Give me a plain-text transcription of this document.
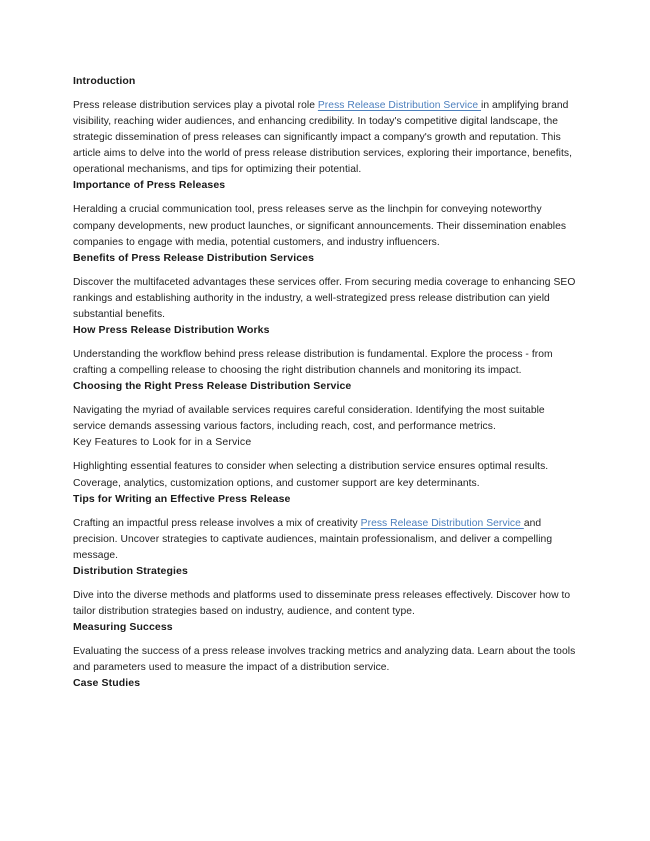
Introduction

Press release distribution services play a pivotal role Press Release Distribution Service in amplifying brand visibility, reaching wider audiences, and enhancing credibility. In today's competitive digital landscape, the strategic dissemination of press releases can significantly impact a company's growth and reputation. This article aims to delve into the world of press release distribution services, exploring their importance, benefits, operational mechanisms, and tips for optimizing their potential.

Importance of Press Releases

Heralding a crucial communication tool, press releases serve as the linchpin for conveying noteworthy company developments, new product launches, or significant announcements. Their dissemination enables companies to engage with media, potential customers, and industry influencers.

Benefits of Press Release Distribution Services

Discover the multifaceted advantages these services offer. From securing media coverage to enhancing SEO rankings and establishing authority in the industry, a well-strategized press release distribution can yield substantial benefits.

How Press Release Distribution Works

Understanding the workflow behind press release distribution is fundamental. Explore the process - from crafting a compelling release to choosing the right distribution channels and monitoring its impact.

Choosing the Right Press Release Distribution Service

Navigating the myriad of available services requires careful consideration. Identifying the most suitable service demands assessing various factors, including reach, cost, and performance metrics.

Key Features to Look for in a Service

Highlighting essential features to consider when selecting a distribution service ensures optimal results. Coverage, analytics, customization options, and customer support are key determinants.

Tips for Writing an Effective Press Release

Crafting an impactful press release involves a mix of creativity Press Release Distribution Service and precision. Uncover strategies to captivate audiences, maintain professionalism, and deliver a compelling message.

Distribution Strategies

Dive into the diverse methods and platforms used to disseminate press releases effectively. Discover how to tailor distribution strategies based on industry, audience, and content type.

Measuring Success

Evaluating the success of a press release involves tracking metrics and analyzing data. Learn about the tools and parameters used to measure the impact of a distribution service.

Case Studies
